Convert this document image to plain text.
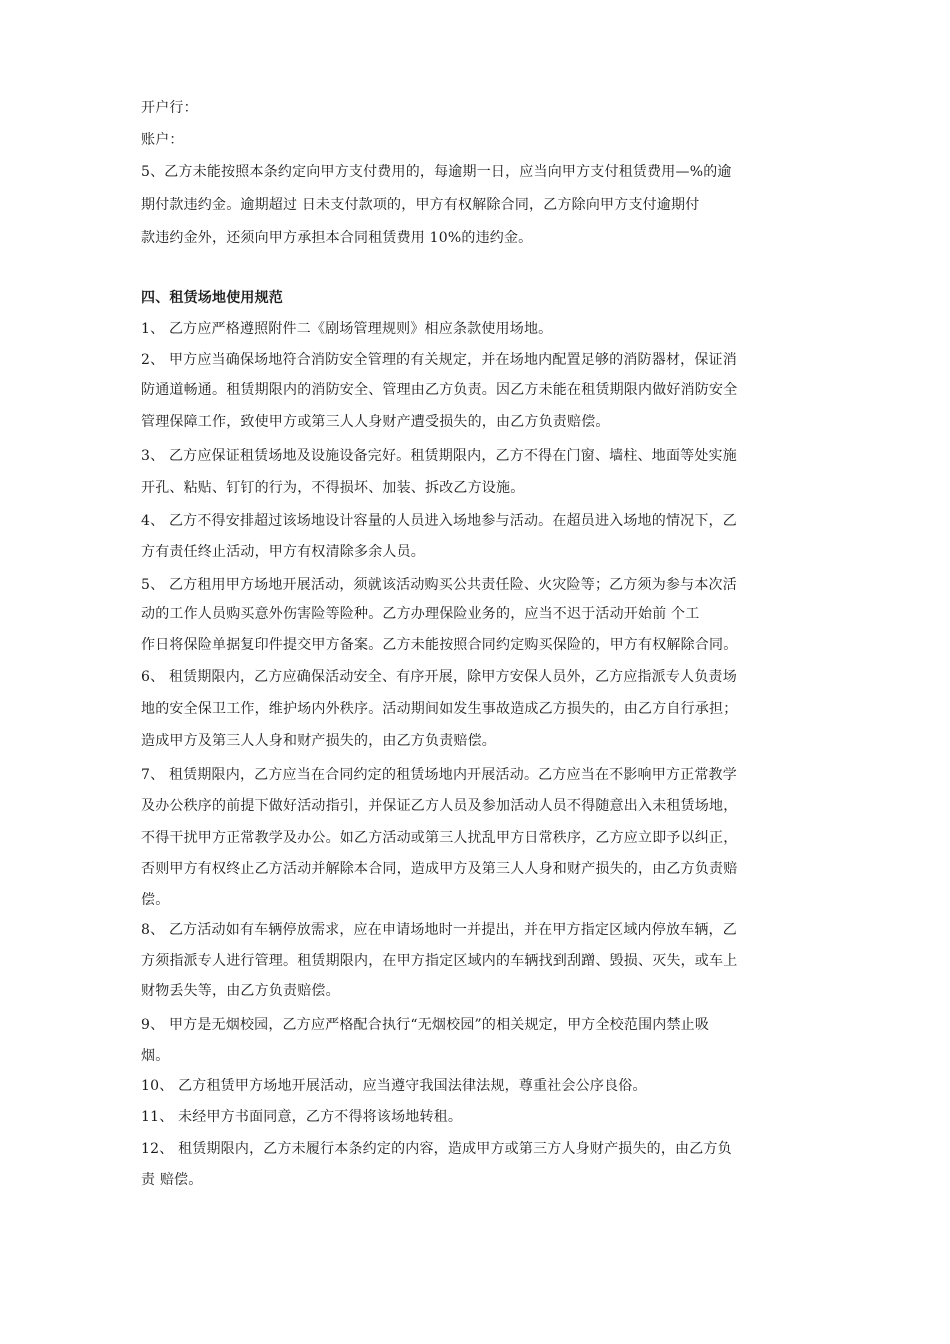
开户行：
账户：
5、乙方未能按照本条约定向甲方支付费用的，每逾期一日，应当向甲方支付租赁费用—%的逾
期付款违约金。逾期超过 日未支付款项的，甲方有权解除合同，乙方除向甲方支付逾期付
款违约金外，还须向甲方承担本合同租赁费用 10%的违约金。
四、租赁场地使用规范
1、 乙方应严格遵照附件二《剧场管理规则》相应条款使用场地。
2、 甲方应当确保场地符合消防安全管理的有关规定，并在场地内配置足够的消防器材，保证消
防通道畅通。租赁期限内的消防安全、管理由乙方负责。因乙方未能在租赁期限内做好消防安全
管理保障工作，致使甲方或第三人人身财产遭受损失的，由乙方负责赔偿。
3、 乙方应保证租赁场地及设施设备完好。租赁期限内，乙方不得在门窗、墙柱、地面等处实施
开孔、粘贴、钉钉的行为，不得损坏、加装、拆改乙方设施。
4、 乙方不得安排超过该场地设计容量的人员进入场地参与活动。在超员进入场地的情况下，乙
方有责任终止活动，甲方有权清除多余人员。
5、 乙方租用甲方场地开展活动，须就该活动购买公共责任险、火灾险等；乙方须为参与本次活
动的工作人员购买意外伤害险等险种。乙方办理保险业务的，应当不迟于活动开始前 个工
作日将保险单据复印件提交甲方备案。乙方未能按照合同约定购买保险的，甲方有权解除合同。
6、 租赁期限内，乙方应确保活动安全、有序开展，除甲方安保人员外，乙方应指派专人负责场
地的安全保卫工作，维护场内外秩序。活动期间如发生事故造成乙方损失的，由乙方自行承担；
造成甲方及第三人人身和财产损失的，由乙方负责赔偿。
7、 租赁期限内，乙方应当在合同约定的租赁场地内开展活动。乙方应当在不影响甲方正常教学
及办公秩序的前提下做好活动指引，并保证乙方人员及参加活动人员不得随意出入未租赁场地，
不得干扰甲方正常教学及办公。如乙方活动或第三人扰乱甲方日常秩序，乙方应立即予以纠正，
否则甲方有权终止乙方活动并解除本合同，造成甲方及第三人人身和财产损失的，由乙方负责赔
偿。
8、 乙方活动如有车辆停放需求，应在申请场地时一并提出，并在甲方指定区域内停放车辆，乙
方须指派专人进行管理。租赁期限内，在甲方指定区域内的车辆找到刮蹭、毁损、灭失，或车上
财物丢失等，由乙方负责赔偿。
9、 甲方是无烟校园，乙方应严格配合执行“无烟校园”的相关规定，甲方全校范围内禁止吸
烟。
10、 乙方租赁甲方场地开展活动，应当遵守我国法律法规，尊重社会公序良俗。
11、 未经甲方书面同意，乙方不得将该场地转租。
12、 租赁期限内，乙方未履行本条约定的内容，造成甲方或第三方人身财产损失的，由乙方负
责 赔偿。
